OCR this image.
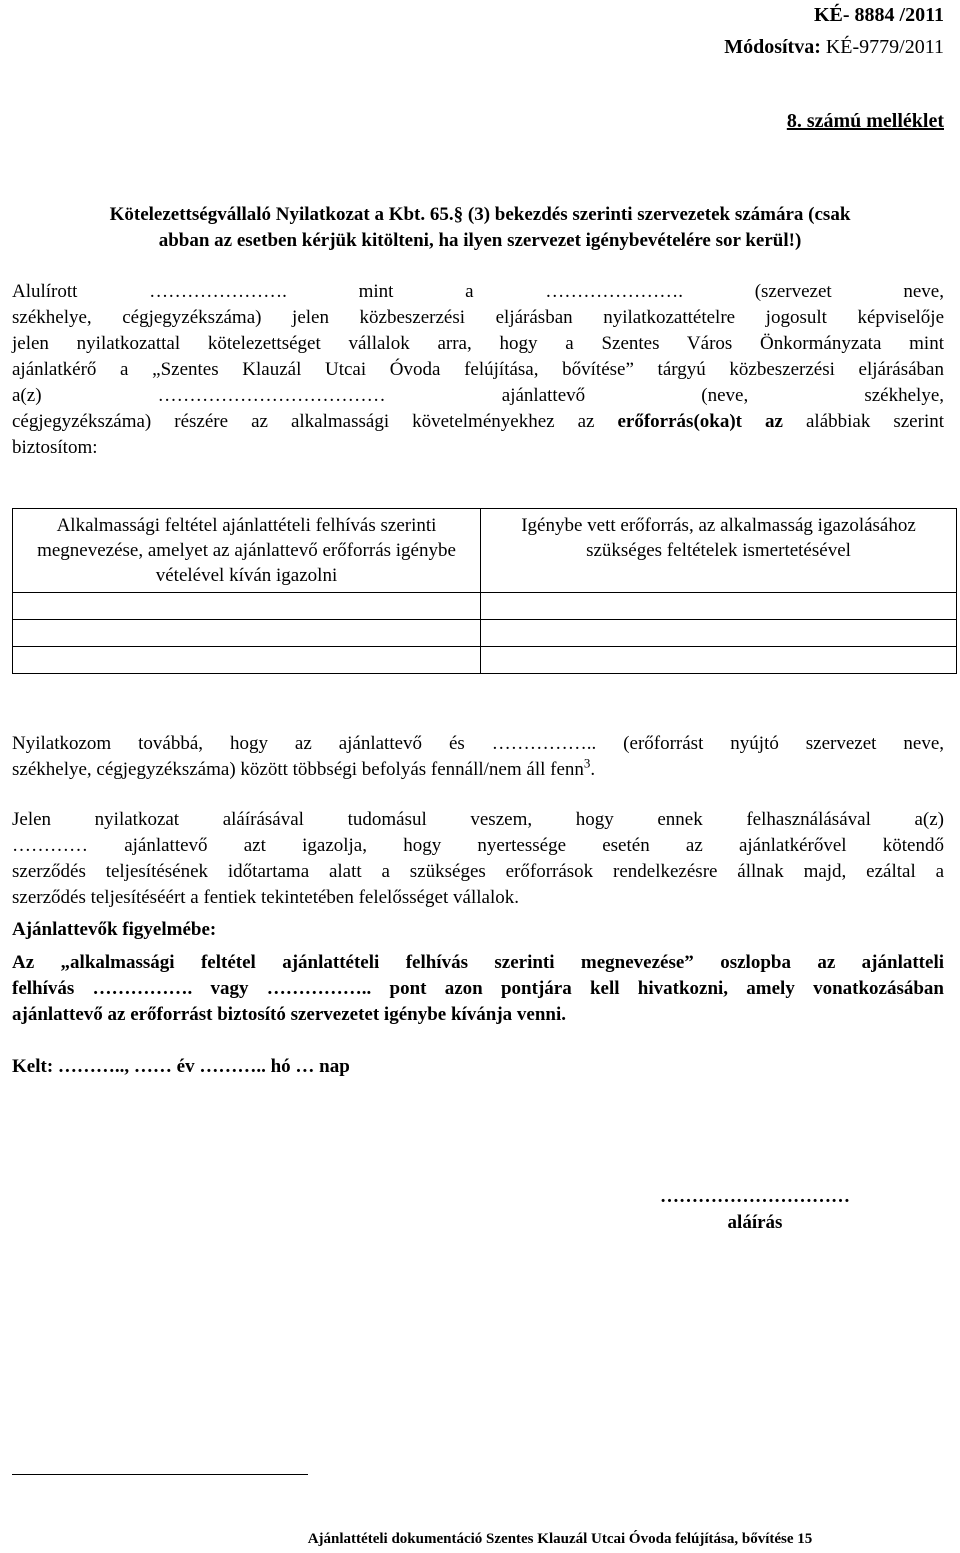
KÉ- 8884 /2011
Módosítva: KÉ-9779/2011
8. számú melléklet
Kötelezettségvállaló Nyilatkozat a Kbt. 65.§ (3) bekezdés szerinti szervezetek számára (csak
abban az esetben kérjük kitölteni, ha ilyen szervezet igénybevételére sor kerül!)
Alulírott …………………. mint a …………………. (szervezet neve,
székhelye, cégjegyzékszáma) jelen közbeszerzési eljárásban nyilatkozattételre jogosult képviselője
jelen nyilatkozattal kötelezettséget vállalok arra, hogy a Szentes Város Önkormányzata mint
ajánlatkérő a „Szentes Klauzál Utcai Óvoda felújítása, bővítése” tárgyú közbeszerzési eljárásában
a(z) ……………………………… ajánlattevő (neve, székhelye,
cégjegyzékszáma) részére az alkalmassági követelményekhez az erőforrás(oka)t az alábbiak szerint
biztosítom:
Alkalmassági feltétel ajánlattételi felhívás szerinti megnevezése, amelyet az ajánlattevő erőforrás igénybe vételével kíván igazolni	Igénybe vett erőforrás, az alkalmasság igazolásához szükséges feltételek ismertetésével

Nyilatkozom továbbá, hogy az ajánlattevő és …………….. (erőforrást nyújtó szervezet neve,
székhelye, cégjegyzékszáma) között többségi befolyás fennáll/nem áll fenn$^3$.
Jelen nyilatkozat aláírásával tudomásul veszem, hogy ennek felhasználásával a(z)
………… ajánlattevő azt igazolja, hogy nyertessége esetén az ajánlatkérővel kötendő
szerződés teljesítésének időtartama alatt a szükséges erőforrások rendelkezésre állnak majd, ezáltal a
szerződés teljesítéséért a fentiek tekintetében felelősséget vállalok.
Ajánlattevők figyelmébe:
Az „alkalmassági feltétel ajánlattételi felhívás szerinti megnevezése” oszlopba az ajánlatteli
felhívás ……………. vagy …………….. pont azon pontjára kell hivatkozni, amely vonatkozásában
ajánlattevő az erőforrást biztosító szervezetet igénybe kívánja venni.
Kelt: ……….., …… év ……….. hó … nap
…………………………
aláírás
Ajánlattételi dokumentáció Szentes Klauzál Utcai Óvoda felújítása, bővítése 15
